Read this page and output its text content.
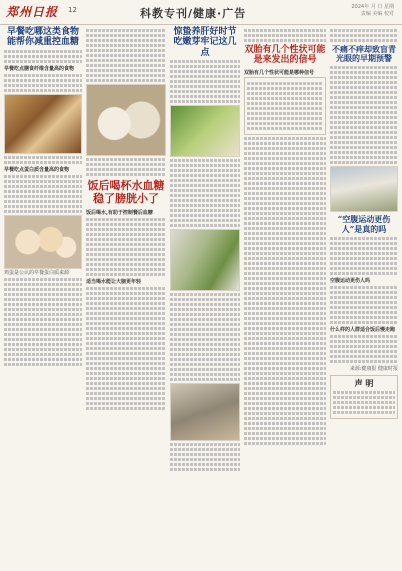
郑州日报 12	科教专刊/健康·广告	2024年 月 日 星期
责编 美编 校对
早餐吃哪这类食物能帮你减重控血糖
早餐吃点膳食纤维含量高的食物
早餐吃点蛋白质含量高的食物
鸡蛋是公认的早餐蛋白质来源
饭后喝杯水血糖稳了膀胱小了
饭后喝水,有助于控制餐后血糖
适当喝水能让大脑更年轻
惊蛰养肝好时节吃嫩芽牢记这几点	双胎有几个性状可能是来发出的信号
双胎有几个性状可能是哪种信号
不痛不痒却致盲青光眼的早期预警
“空腹运动更伤人”是真的吗
空腹运动更伤人吗
什么样的人群适合饭后慢走跑
来源:健康报 健康时报
声 明
